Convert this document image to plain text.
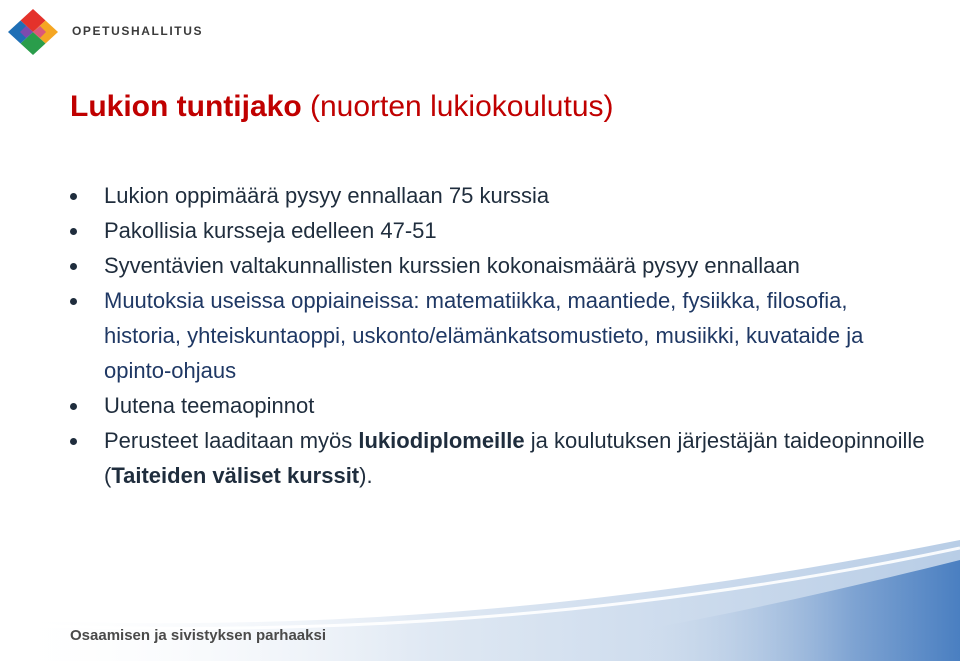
OPETUSHALLITUS
Lukion tuntijako (nuorten lukiokoulutus)
Lukion oppimäärä pysyy ennallaan 75 kurssia
Pakollisia kursseja edelleen 47-51
Syventävien valtakunnallisten kurssien kokonaismäärä pysyy ennallaan
Muutoksia useissa oppiaineissa: matematiikka, maantiede, fysiikka, filosofia, historia, yhteiskuntaoppi, uskonto/elämänkatsomustieto, musiikki, kuvataide ja opinto-ohjaus
Uutena teemaopinnot
Perusteet laaditaan myös lukiodiplomeille ja koulutuksen järjestäjän taideopinnoille (Taiteiden väliset kurssit).
Osaamisen ja sivistyksen parhaaksi
